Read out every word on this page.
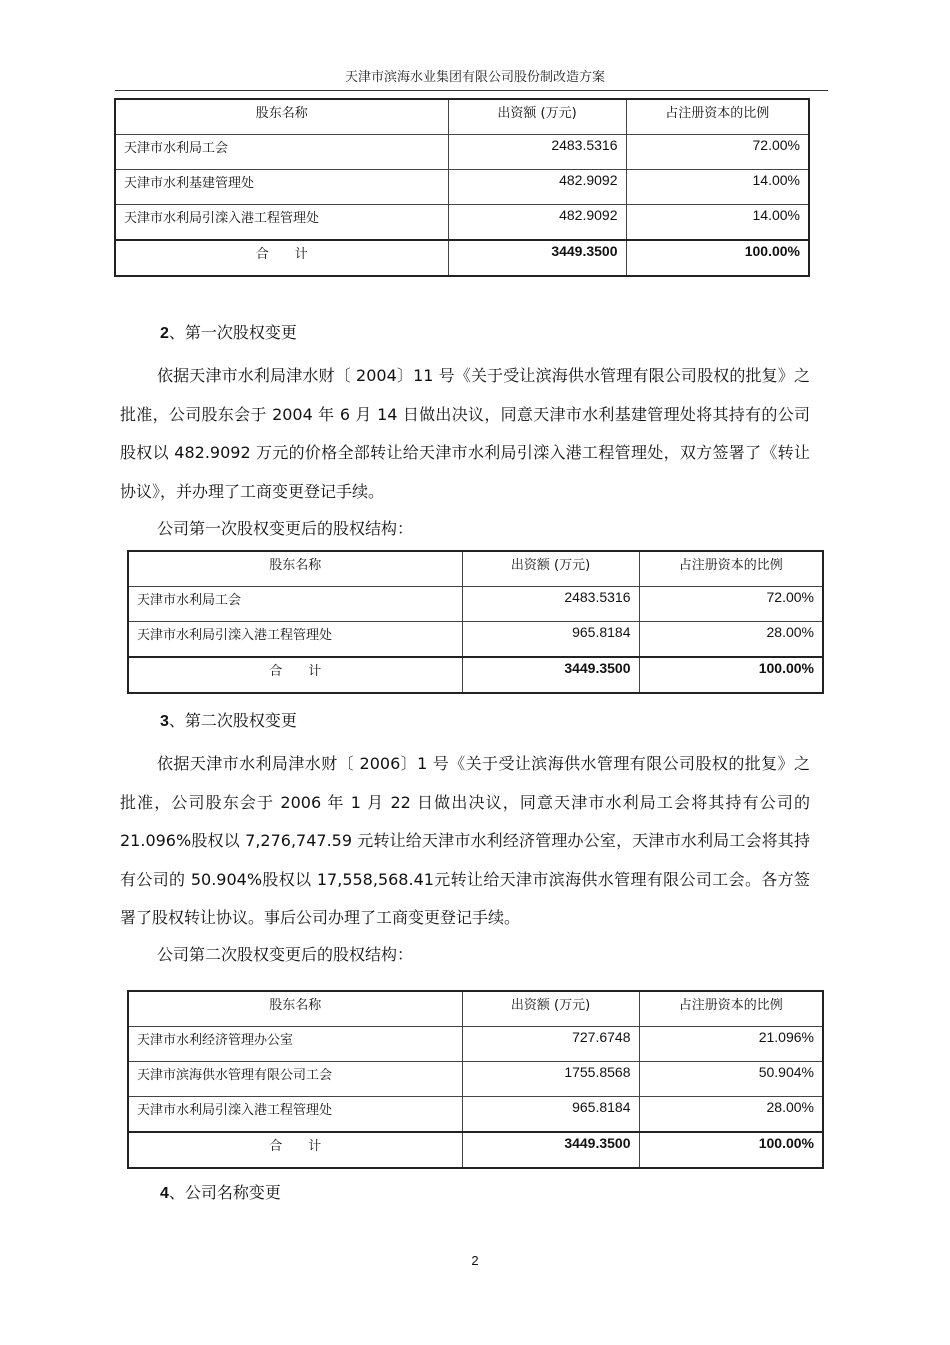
天津市滨海水业集团有限公司股份制改造方案
股东名称	出资额 (万元)	占注册资本的比例
天津市水利局工会	2483.5316	72.00%
天津市水利基建管理处	482.9092	14.00%
天津市水利局引滦入港工程管理处	482.9092	14.00%
合　　计	3449.3500	100.00%
2、第一次股权变更

依据天津市水利局津水财〔 2004〕11 号《关于受让滨海供水管理有限公司股权的批复》之批准，公司股东会于 2004 年 6 月 14 日做出决议，同意天津市水利基建管理处将其持有的公司股权以 482.9092 万元的价格全部转让给天津市水利局引滦入港工程管理处，双方签署了《转让协议》，并办理了工商变更登记手续。

公司第一次股权变更后的股权结构：

股东名称	出资额 (万元)	占注册资本的比例
天津市水利局工会	2483.5316	72.00%
天津市水利局引滦入港工程管理处	965.8184	28.00%
合　　计	3449.3500	100.00%
3、第二次股权变更

依据天津市水利局津水财〔 2006〕1 号《关于受让滨海供水管理有限公司股权的批复》之批准，公司股东会于 2006 年 1 月 22 日做出决议，同意天津市水利局工会将其持有公司的 21.096%股权以 7,276,747.59 元转让给天津市水利经济管理办公室，天津市水利局工会将其持有公司的 50.904%股权以 17,558,568.41元转让给天津市滨海供水管理有限公司工会。各方签署了股权转让协议。事后公司办理了工商变更登记手续。

公司第二次股权变更后的股权结构：

股东名称	出资额 (万元)	占注册资本的比例
天津市水利经济管理办公室	727.6748	21.096%
天津市滨海供水管理有限公司工会	1755.8568	50.904%
天津市水利局引滦入港工程管理处	965.8184	28.00%
合　　计	3449.3500	100.00%
4、公司名称变更
2
